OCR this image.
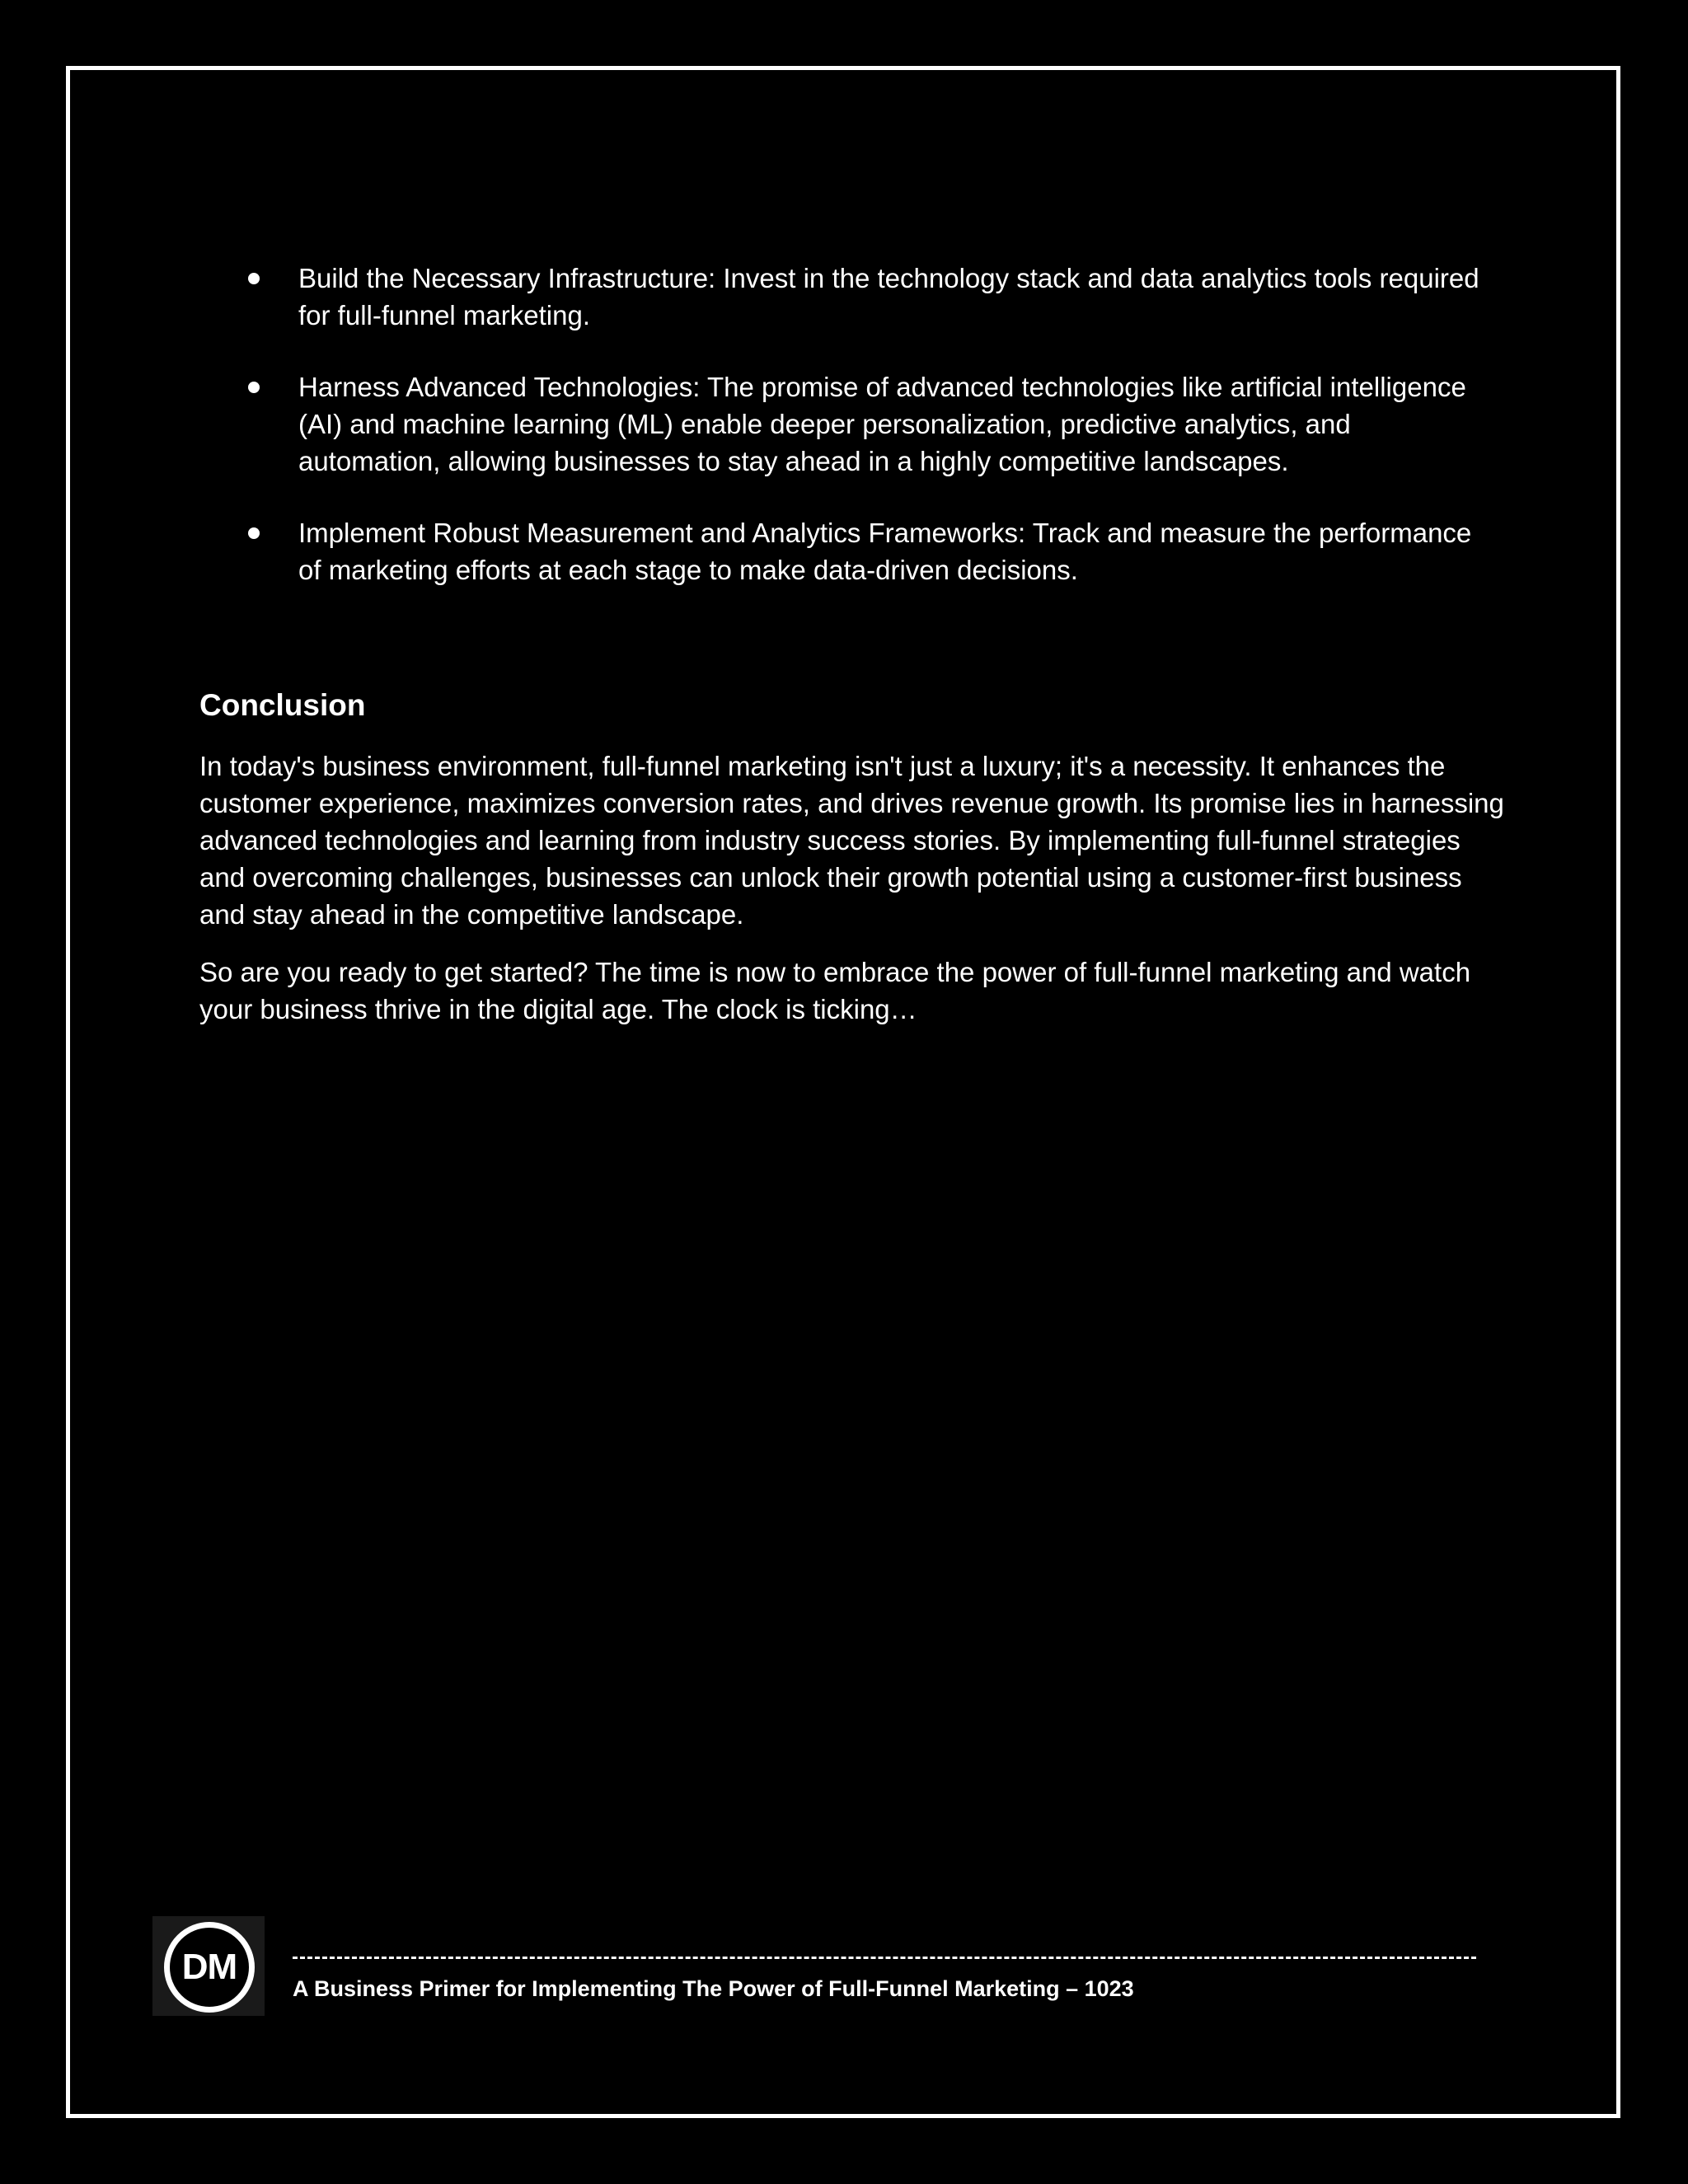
Build the Necessary Infrastructure: Invest in the technology stack and data analytics tools required for full-funnel marketing.
Harness Advanced Technologies: The promise of advanced technologies like artificial intelligence (AI) and machine learning (ML) enable deeper personalization, predictive analytics, and automation, allowing businesses to stay ahead in a highly competitive landscapes.
Implement Robust Measurement and Analytics Frameworks: Track and measure the performance of marketing efforts at each stage to make data-driven decisions.
Conclusion

In today's business environment, full-funnel marketing isn't just a luxury; it's a necessity. It enhances the customer experience, maximizes conversion rates, and drives revenue growth. Its promise lies in harnessing advanced technologies and learning from industry success stories. By implementing full-funnel strategies and overcoming challenges, businesses can unlock their growth potential using a customer-first business and stay ahead in the competitive landscape.

So are you ready to get started? The time is now to embrace the power of full-funnel marketing and watch your business thrive in the digital age. The clock is ticking…

DM

A Business Primer for Implementing The Power of Full-Funnel Marketing – 1023
